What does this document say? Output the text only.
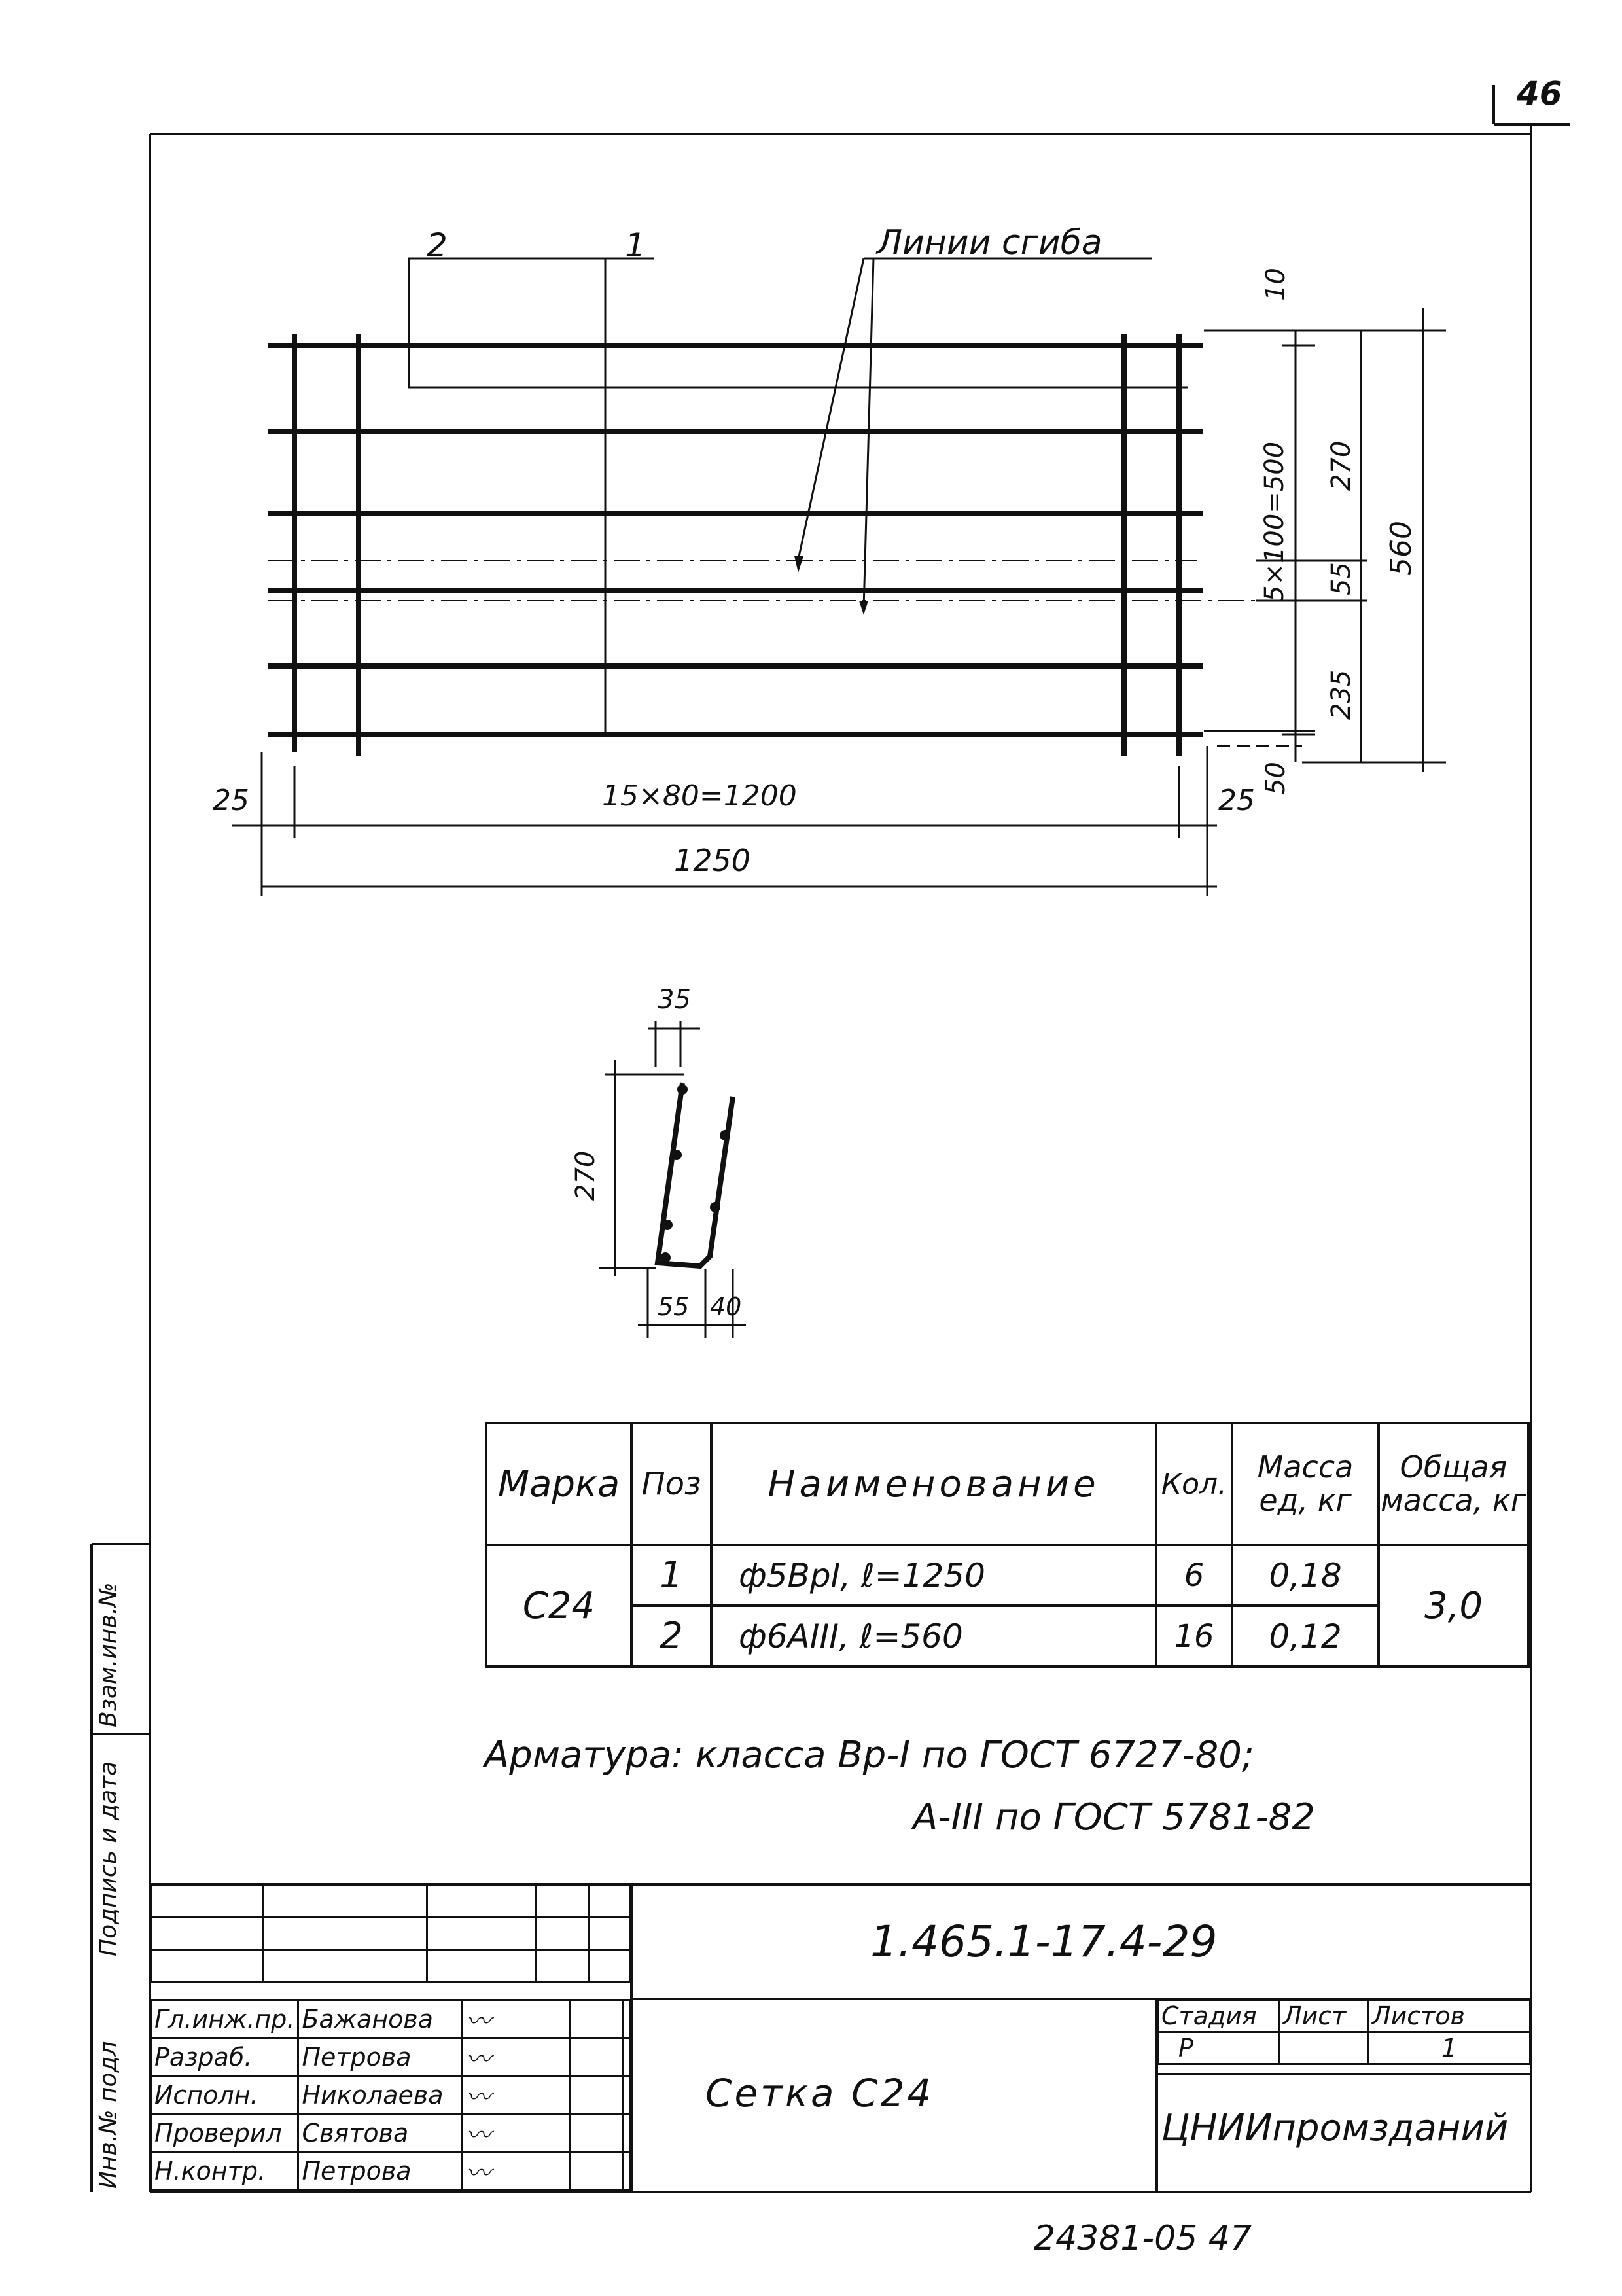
46
2	1	Линии сгиба
10
5×100=500 270
55
235
50
560
25	25
15×80=1200
1250
35
270
55 40
Марка	Поз	Наименование	Кол.	Масса ед, кг	Общая масса, кг
С24	1	ф5ВрI, ℓ=1250	6	0,18	3,0
	2	ф6АIII, ℓ=560	16	0,12	
Арматура: класса Вр-I по ГОСТ 6727-80;
А-III по ГОСТ 5781-82
Инв.№ подл
Подпись и дата
Взам.инв.№

Гл.инж.пр.	Бажанова	〰		
Разраб.	Петрова	〰		
Исполн.	Николаева	〰		
Проверил	Святова	〰		
Н.контр.	Петрова	〰		
1.465.1-17.4-29
Сетка С24
Стадия	Лист	Листов
Р		1
ЦНИИпромзданий
24381-05 47
